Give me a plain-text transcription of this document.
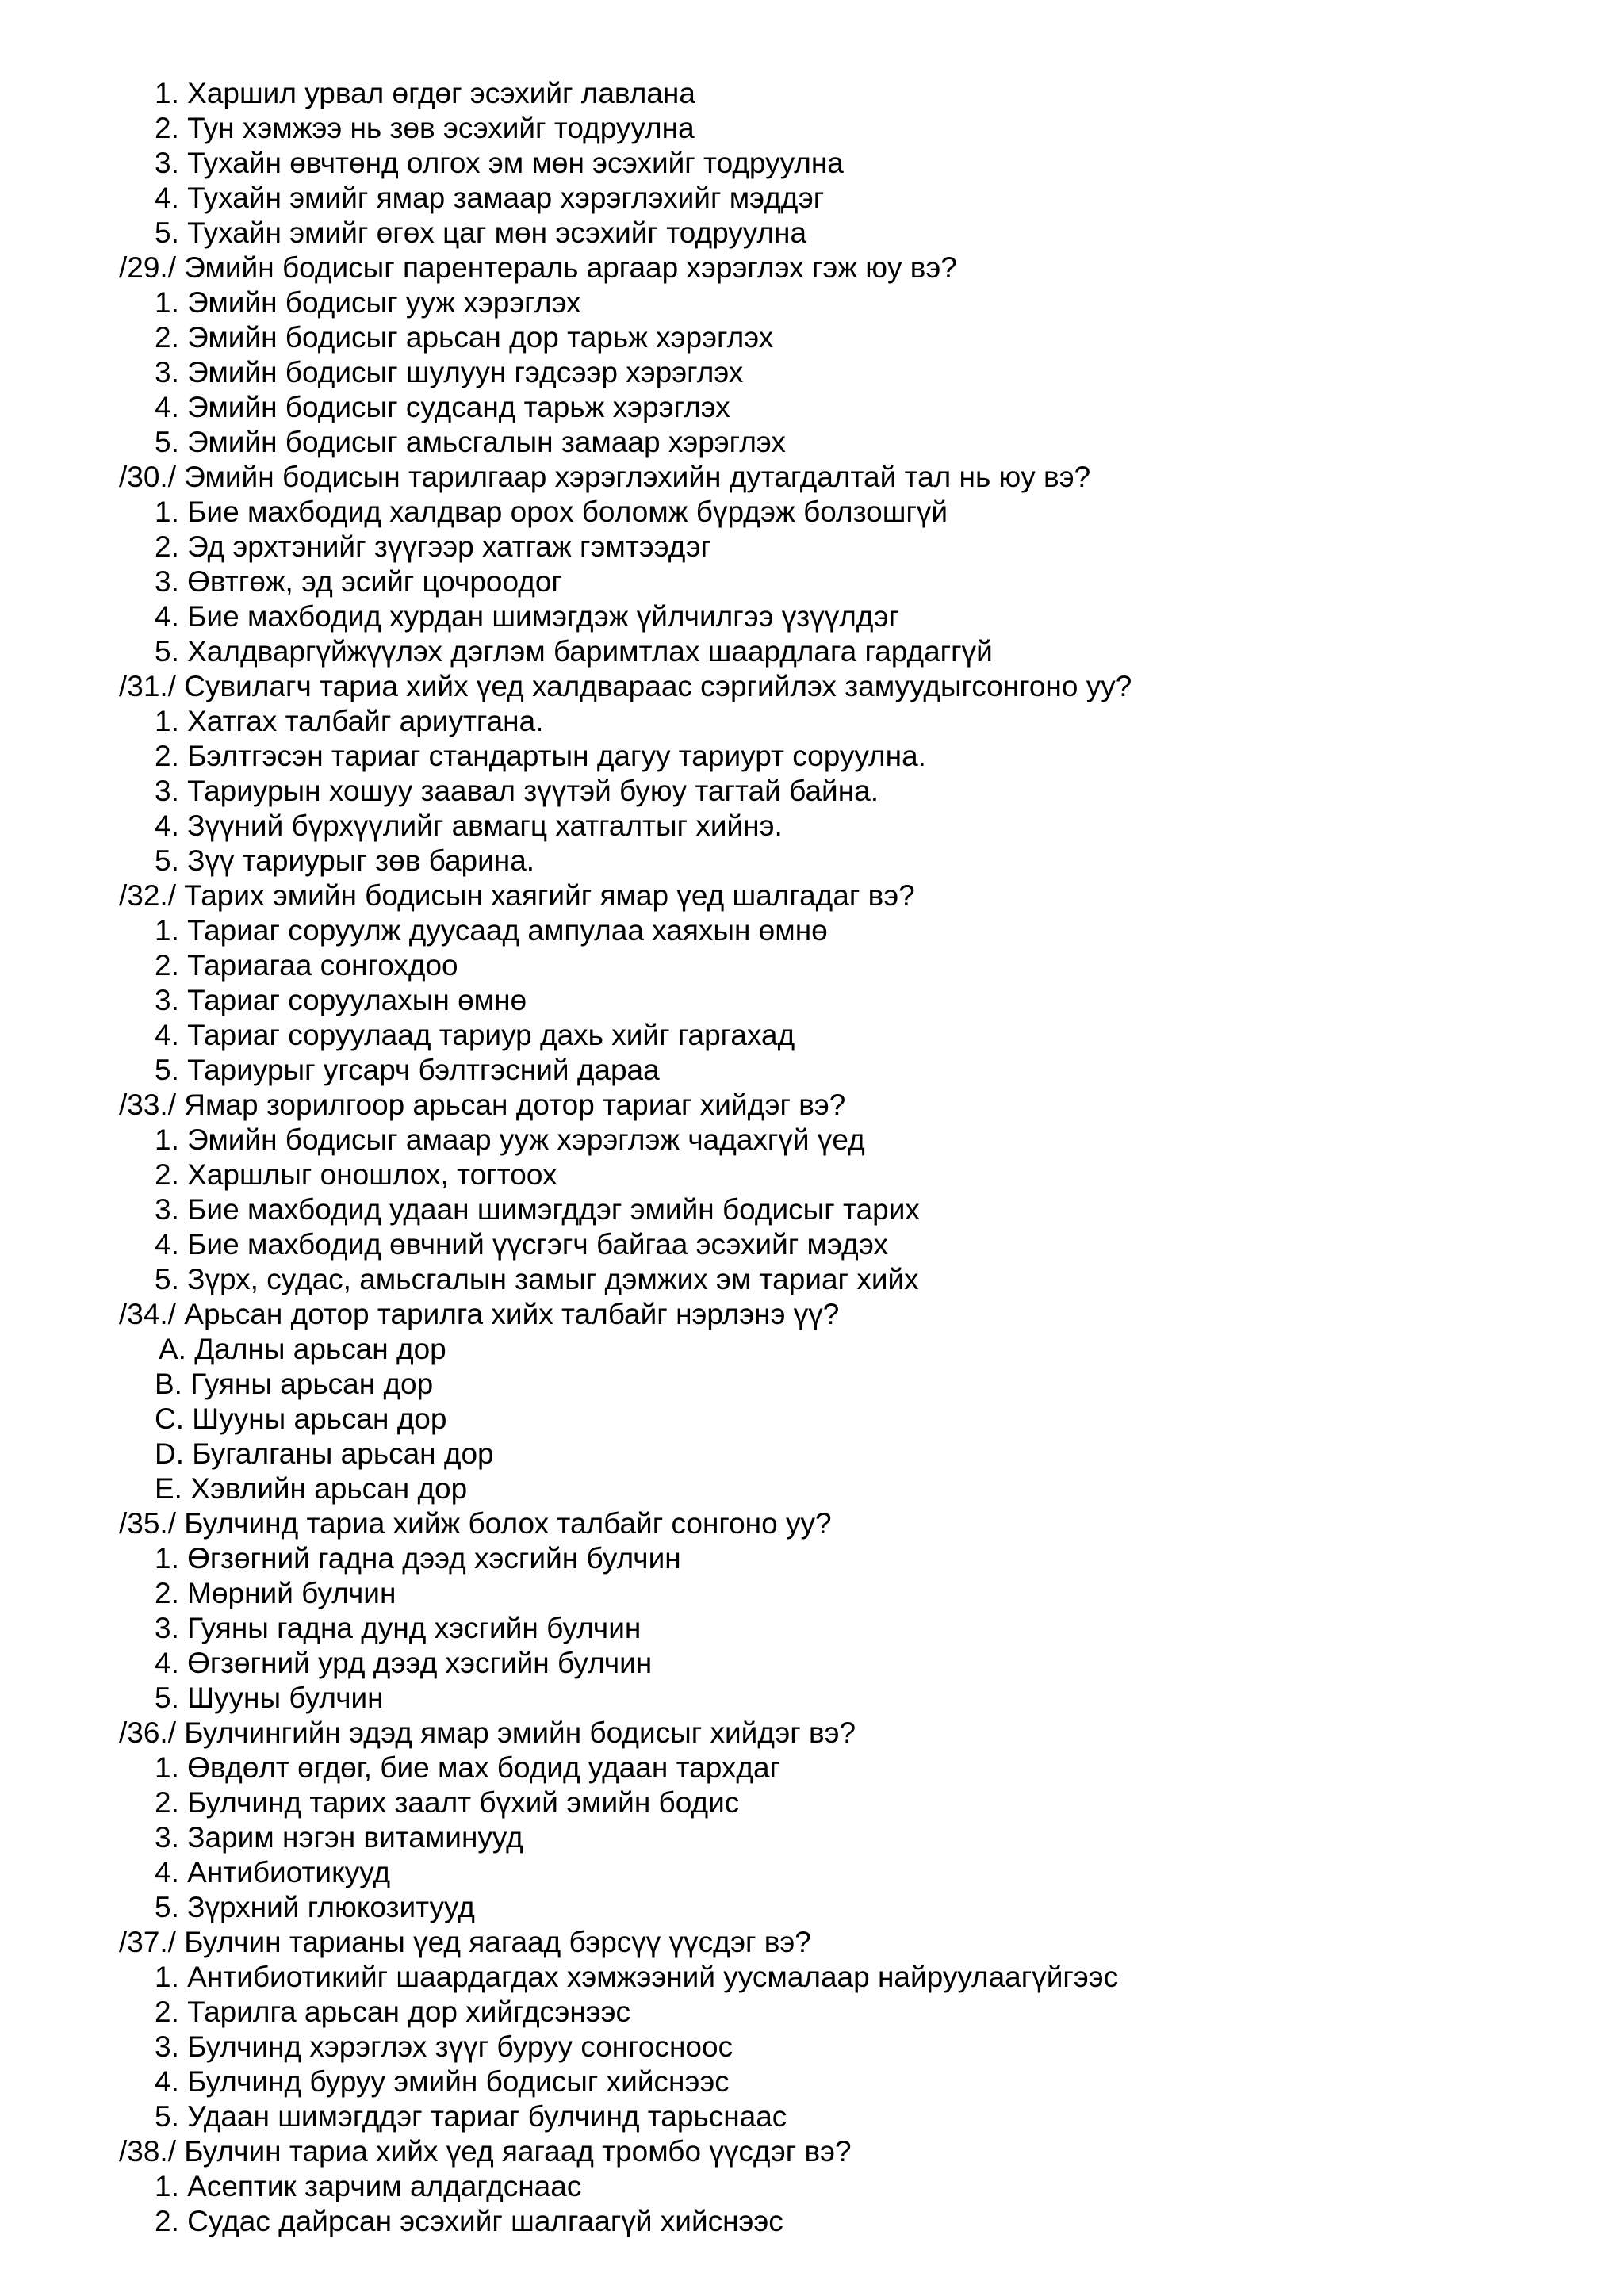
1. Харшил урвал өгдөг эсэхийг лавлана
2. Тун хэмжээ нь зөв эсэхийг тодруулна
3. Тухайн өвчтөнд олгох эм мөн эсэхийг тодруулна
4. Тухайн эмийг ямар замаар хэрэглэхийг мэддэг
5. Тухайн эмийг өгөх цаг мөн эсэхийг тодруулна
/29./ Эмийн бодисыг парентераль аргаар хэрэглэх гэж юу вэ?
1. Эмийн бодисыг ууж хэрэглэх
2. Эмийн бодисыг арьсан дор тарьж хэрэглэх
3. Эмийн бодисыг шулуун гэдсээр хэрэглэх
4. Эмийн бодисыг судсанд тарьж хэрэглэх
5. Эмийн бодисыг амьсгалын замаар хэрэглэх
/30./ Эмийн бодисын тарилгаар хэрэглэхийн дутагдалтай тал нь юу вэ?
1. Бие махбодид халдвар орох боломж бүрдэж болзошгүй
2. Эд эрхтэнийг зүүгээр хатгаж гэмтээдэг
3. Өвтгөж, эд эсийг цочроодог
4. Бие махбодид хурдан шимэгдэж үйлчилгээ үзүүлдэг
5. Халдваргүйжүүлэх дэглэм баримтлах шаардлага гардаггүй
/31./ Сувилагч тариа хийх үед халдвараас сэргийлэх замуудыгсонгоно уу?
1. Хатгах талбайг ариутгана.
2. Бэлтгэсэн тариаг стандартын дагуу тариурт соруулна.
3. Тариурын хошуу заавал зүүтэй буюу тагтай байна.
4. Зүүний бүрхүүлийг авмагц хатгалтыг хийнэ.
5. Зүү тариурыг зөв барина.
/32./ Тарих эмийн бодисын хаягийг ямар үед шалгадаг вэ?
1. Тариаг соруулж дуусаад ампулаа хаяхын өмнө
2. Тариагаа сонгохдоо
3. Тариаг соруулахын өмнө
4. Тариаг соруулаад тариур дахь хийг гаргахад
5. Тариурыг угсарч бэлтгэсний дараа
/33./ Ямар зорилгоор арьсан дотор тариаг хийдэг вэ?
1. Эмийн бодисыг амаар ууж хэрэглэж чадахгүй үед
2. Харшлыг оношлох, тогтоох
3. Бие махбодид удаан шимэгддэг эмийн бодисыг тарих
4. Бие махбодид өвчний үүсгэгч байгаа эсэхийг мэдэх
5. Зүрх, судас, амьсгалын замыг дэмжих эм тариаг хийх
/34./ Арьсан дотор тарилга хийх талбайг нэрлэнэ үү?
A. Далны арьсан дор
B. Гуяны арьсан дор
C. Шууны арьсан дор
D. Бугалганы арьсан дор
E. Хэвлийн арьсан дор
/35./ Булчинд тариа хийж болох талбайг сонгоно уу?
1. Өгзөгний гадна дээд хэсгийн булчин
2. Мөрний булчин
3. Гуяны гадна дунд хэсгийн булчин
4. Өгзөгний урд дээд хэсгийн булчин
5. Шууны булчин
/36./ Булчингийн эдэд ямар эмийн бодисыг хийдэг вэ?
1. Өвдөлт өгдөг, бие мах бодид удаан тархдаг
2. Булчинд тарих заалт бүхий эмийн бодис
3. Зарим нэгэн витаминууд
4. Антибиотикууд
5. Зүрхний глюкозитууд
/37./ Булчин тарианы үед яагаад бэрсүү үүсдэг вэ?
1. Антибиотикийг шаардагдах хэмжээний уусмалаар найруулаагүйгээс
2. Тарилга арьсан дор хийгдсэнээс
3. Булчинд хэрэглэх зүүг буруу сонгосноос
4. Булчинд буруу эмийн бодисыг хийснээс
5. Удаан шимэгддэг тариаг булчинд тарьснаас
/38./ Булчин тариа хийх үед яагаад тромбо үүсдэг вэ?
1. Асептик зарчим алдагдснаас
2. Судас дайрсан эсэхийг шалгаагүй хийснээс
